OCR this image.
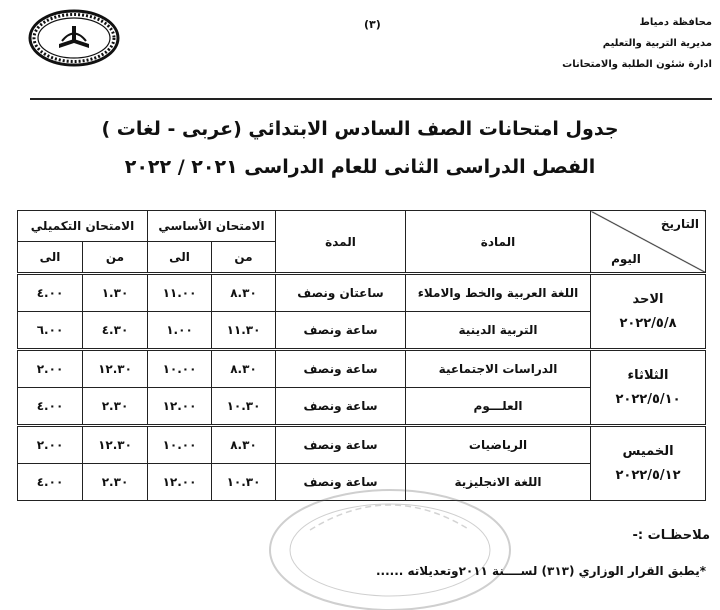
محافظة دمياط
مديرية التربية والتعليم
ادارة شئون الطلبة والامتحانات
(٣)
جدول امتحانات الصف السادس الابتدائي (عربى - لغات )
الفصل الدراسى الثانى للعام الدراسى ٢٠٢١ / ٢٠٢٢
التاريخ
اليوم	المادة	المدة	الامتحان الأساسي		الامتحان التكميلي	
			من	الى	من	الى

الاحد
٢٠٢٢/٥/٨	اللغة العربية والخط والاملاء	ساعتان ونصف	٨.٣٠	١١.٠٠	١.٣٠	٤.٠٠
	التربية الدينية	ساعة ونصف	١١.٣٠	١.٠٠	٤.٣٠	٦.٠٠

الثلاثاء
٢٠٢٢/٥/١٠	الدراسات الاجتماعية	ساعة ونصف	٨.٣٠	١٠.٠٠	١٢.٣٠	٢.٠٠
	العلـــوم	ساعة ونصف	١٠.٣٠	١٢.٠٠	٢.٣٠	٤.٠٠

الخميس
٢٠٢٢/٥/١٢	الرياضيات	ساعة ونصف	٨.٣٠	١٠.٠٠	١٢.٣٠	٢.٠٠
	اللغة الانجليزية	ساعة ونصف	١٠.٣٠	١٢.٠٠	٢.٣٠	٤.٠٠
ملاحظـات :-
*يطبق القرار الوزاري (٣١٣) لســــنة ٢٠١١وتعديلاته ......
